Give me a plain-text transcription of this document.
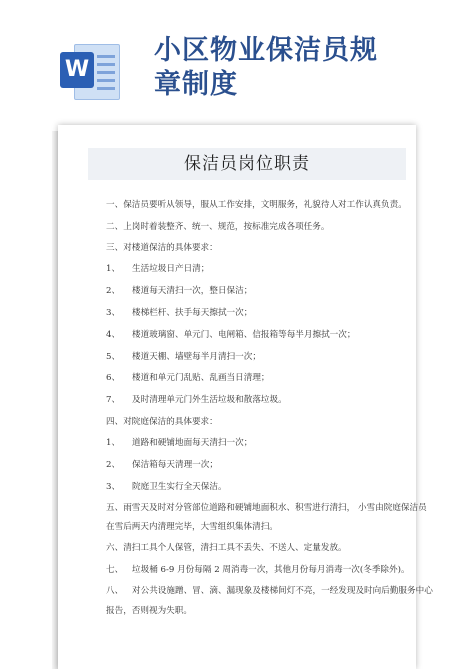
W
小区物业保洁员规
章制度
保洁员岗位职责
一、保洁员要听从领导，服从工作安排，文明服务，礼貌待人对工作认真负责。
二、上岗时着装整齐、统一、规范，按标准完成各项任务。
三、对楼道保洁的具体要求：
1、 生活垃圾日产日清；
2、 楼道每天清扫一次，整日保洁；
3、 楼梯栏杆、扶手每天擦拭一次；
4、 楼道玻璃窗、单元门、电闸箱、信报箱等每半月擦拭一次；
5、 楼道天棚、墙壁每半月清扫一次；
6、 楼道和单元门乱贴、乱画当日清理；
7、 及时清理单元门外生活垃圾和散落垃圾。
四、对院庭保洁的具体要求：
1、 道路和硬铺地面每天清扫一次；
2、 保洁箱每天清理一次；
3、 院庭卫生实行全天保洁。
五、雨雪天及时对分管部位道路和硬铺地面积水、积雪进行清扫， 小雪由院庭保洁员
在雪后两天内清理完毕，大雪组织集体清扫。
六、清扫工具个人保管，清扫工具不丢失、不送人、定量发放。
七、 垃圾桶 6-9 月份每隔 2 周消毒一次，其他月份每月消毒一次(冬季除外)。
八、 对公共设施蹭、冒、滴、漏现象及楼梯间灯不亮，一经发现及时向后勤服务中心
报告，否则视为失职。
